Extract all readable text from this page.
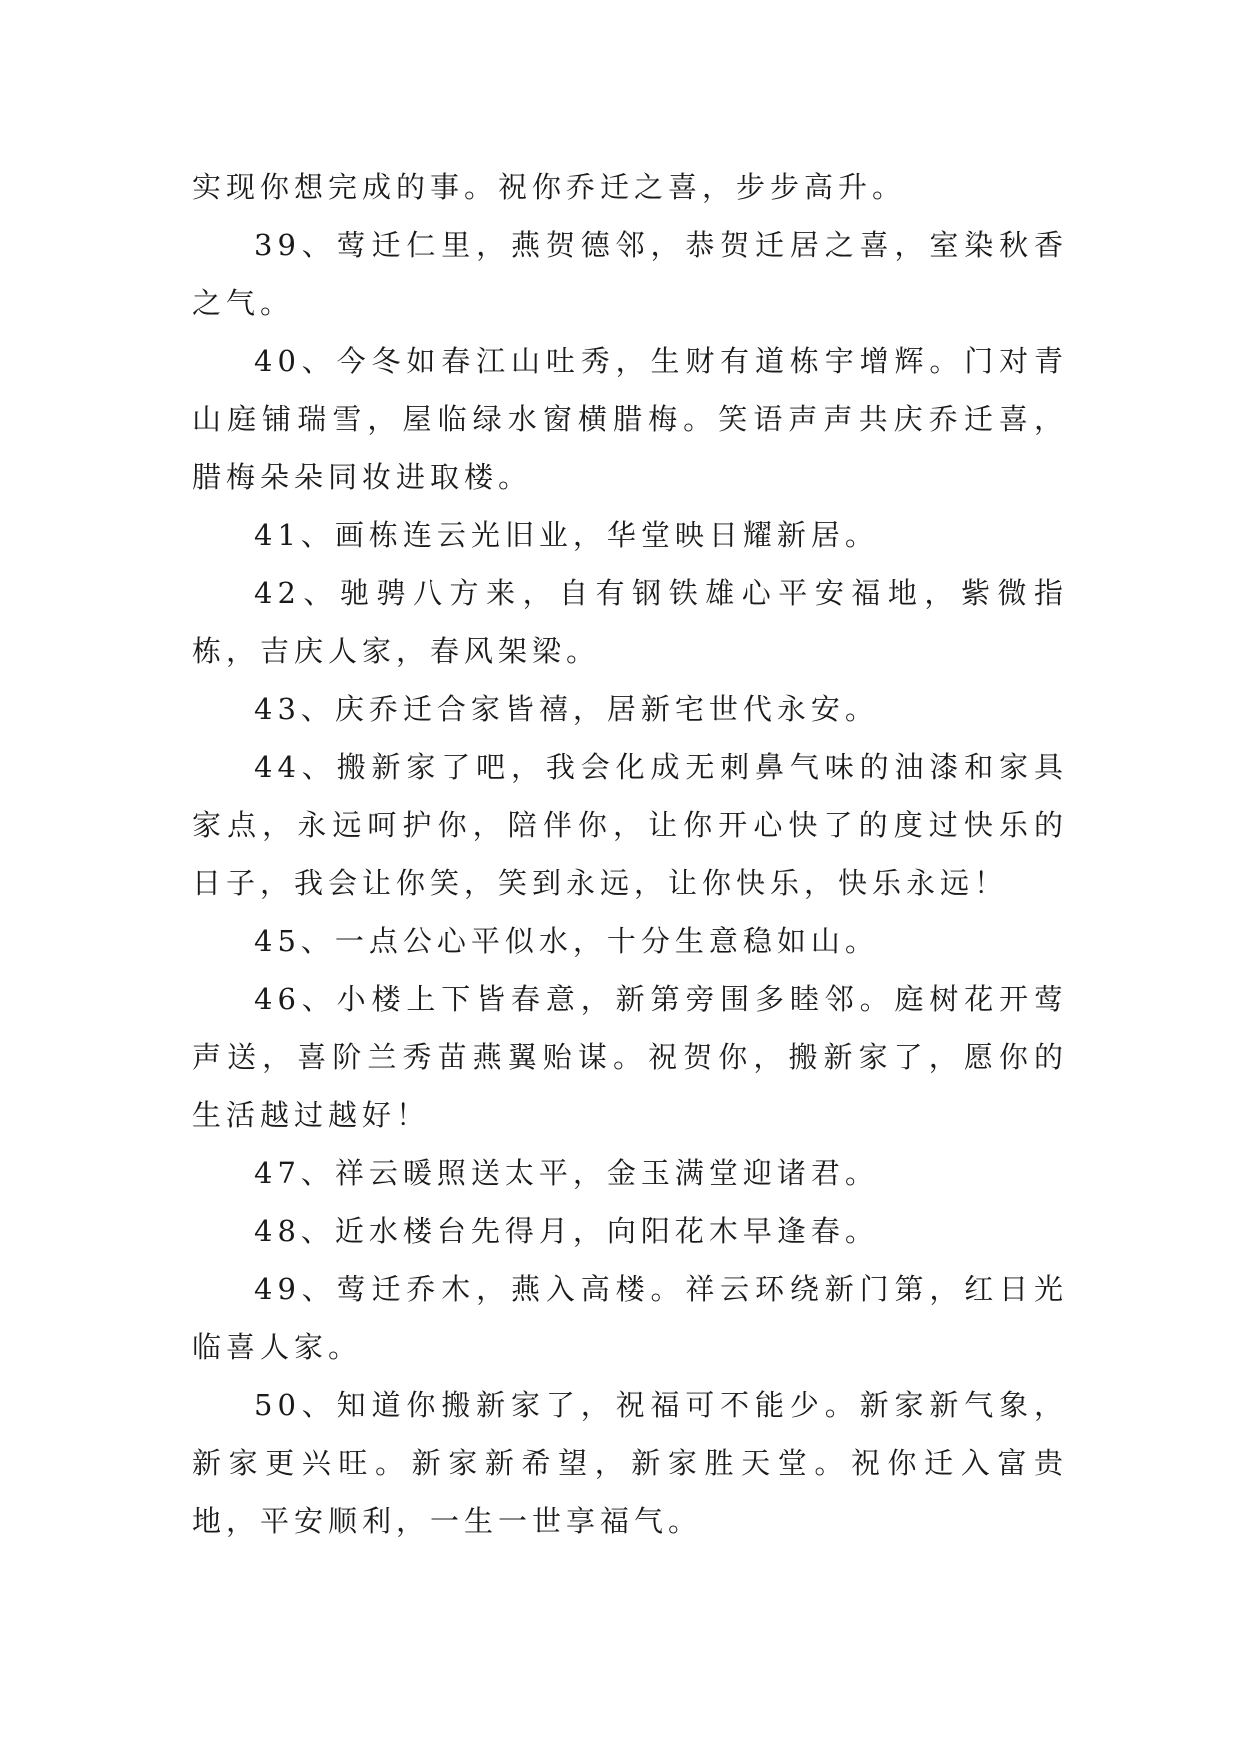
实现你想完成的事。祝你乔迁之喜，步步高升。

39、莺迁仁里，燕贺德邻，恭贺迁居之喜，室染秋香之气。

40、今冬如春江山吐秀，生财有道栋宇增辉。门对青山庭铺瑞雪，屋临绿水窗横腊梅。笑语声声共庆乔迁喜，腊梅朵朵同妆进取楼。

41、画栋连云光旧业，华堂映日耀新居。

42、驰骋八方来，自有钢铁雄心平安福地，紫微指栋，吉庆人家，春风架梁。

43、庆乔迁合家皆禧，居新宅世代永安。

44、搬新家了吧，我会化成无刺鼻气味的油漆和家具家点，永远呵护你，陪伴你，让你开心快了的度过快乐的日子，我会让你笑，笑到永远，让你快乐，快乐永远！

45、一点公心平似水，十分生意稳如山。

46、小楼上下皆春意，新第旁围多睦邻。庭树花开莺声送，喜阶兰秀苗燕翼贻谋。祝贺你，搬新家了，愿你的生活越过越好！

47、祥云暖照送太平，金玉满堂迎诸君。

48、近水楼台先得月，向阳花木早逢春。

49、莺迁乔木，燕入高楼。祥云环绕新门第，红日光临喜人家。

50、知道你搬新家了，祝福可不能少。新家新气象，新家更兴旺。新家新希望，新家胜天堂。祝你迁入富贵地，平安顺利，一生一世享福气。
